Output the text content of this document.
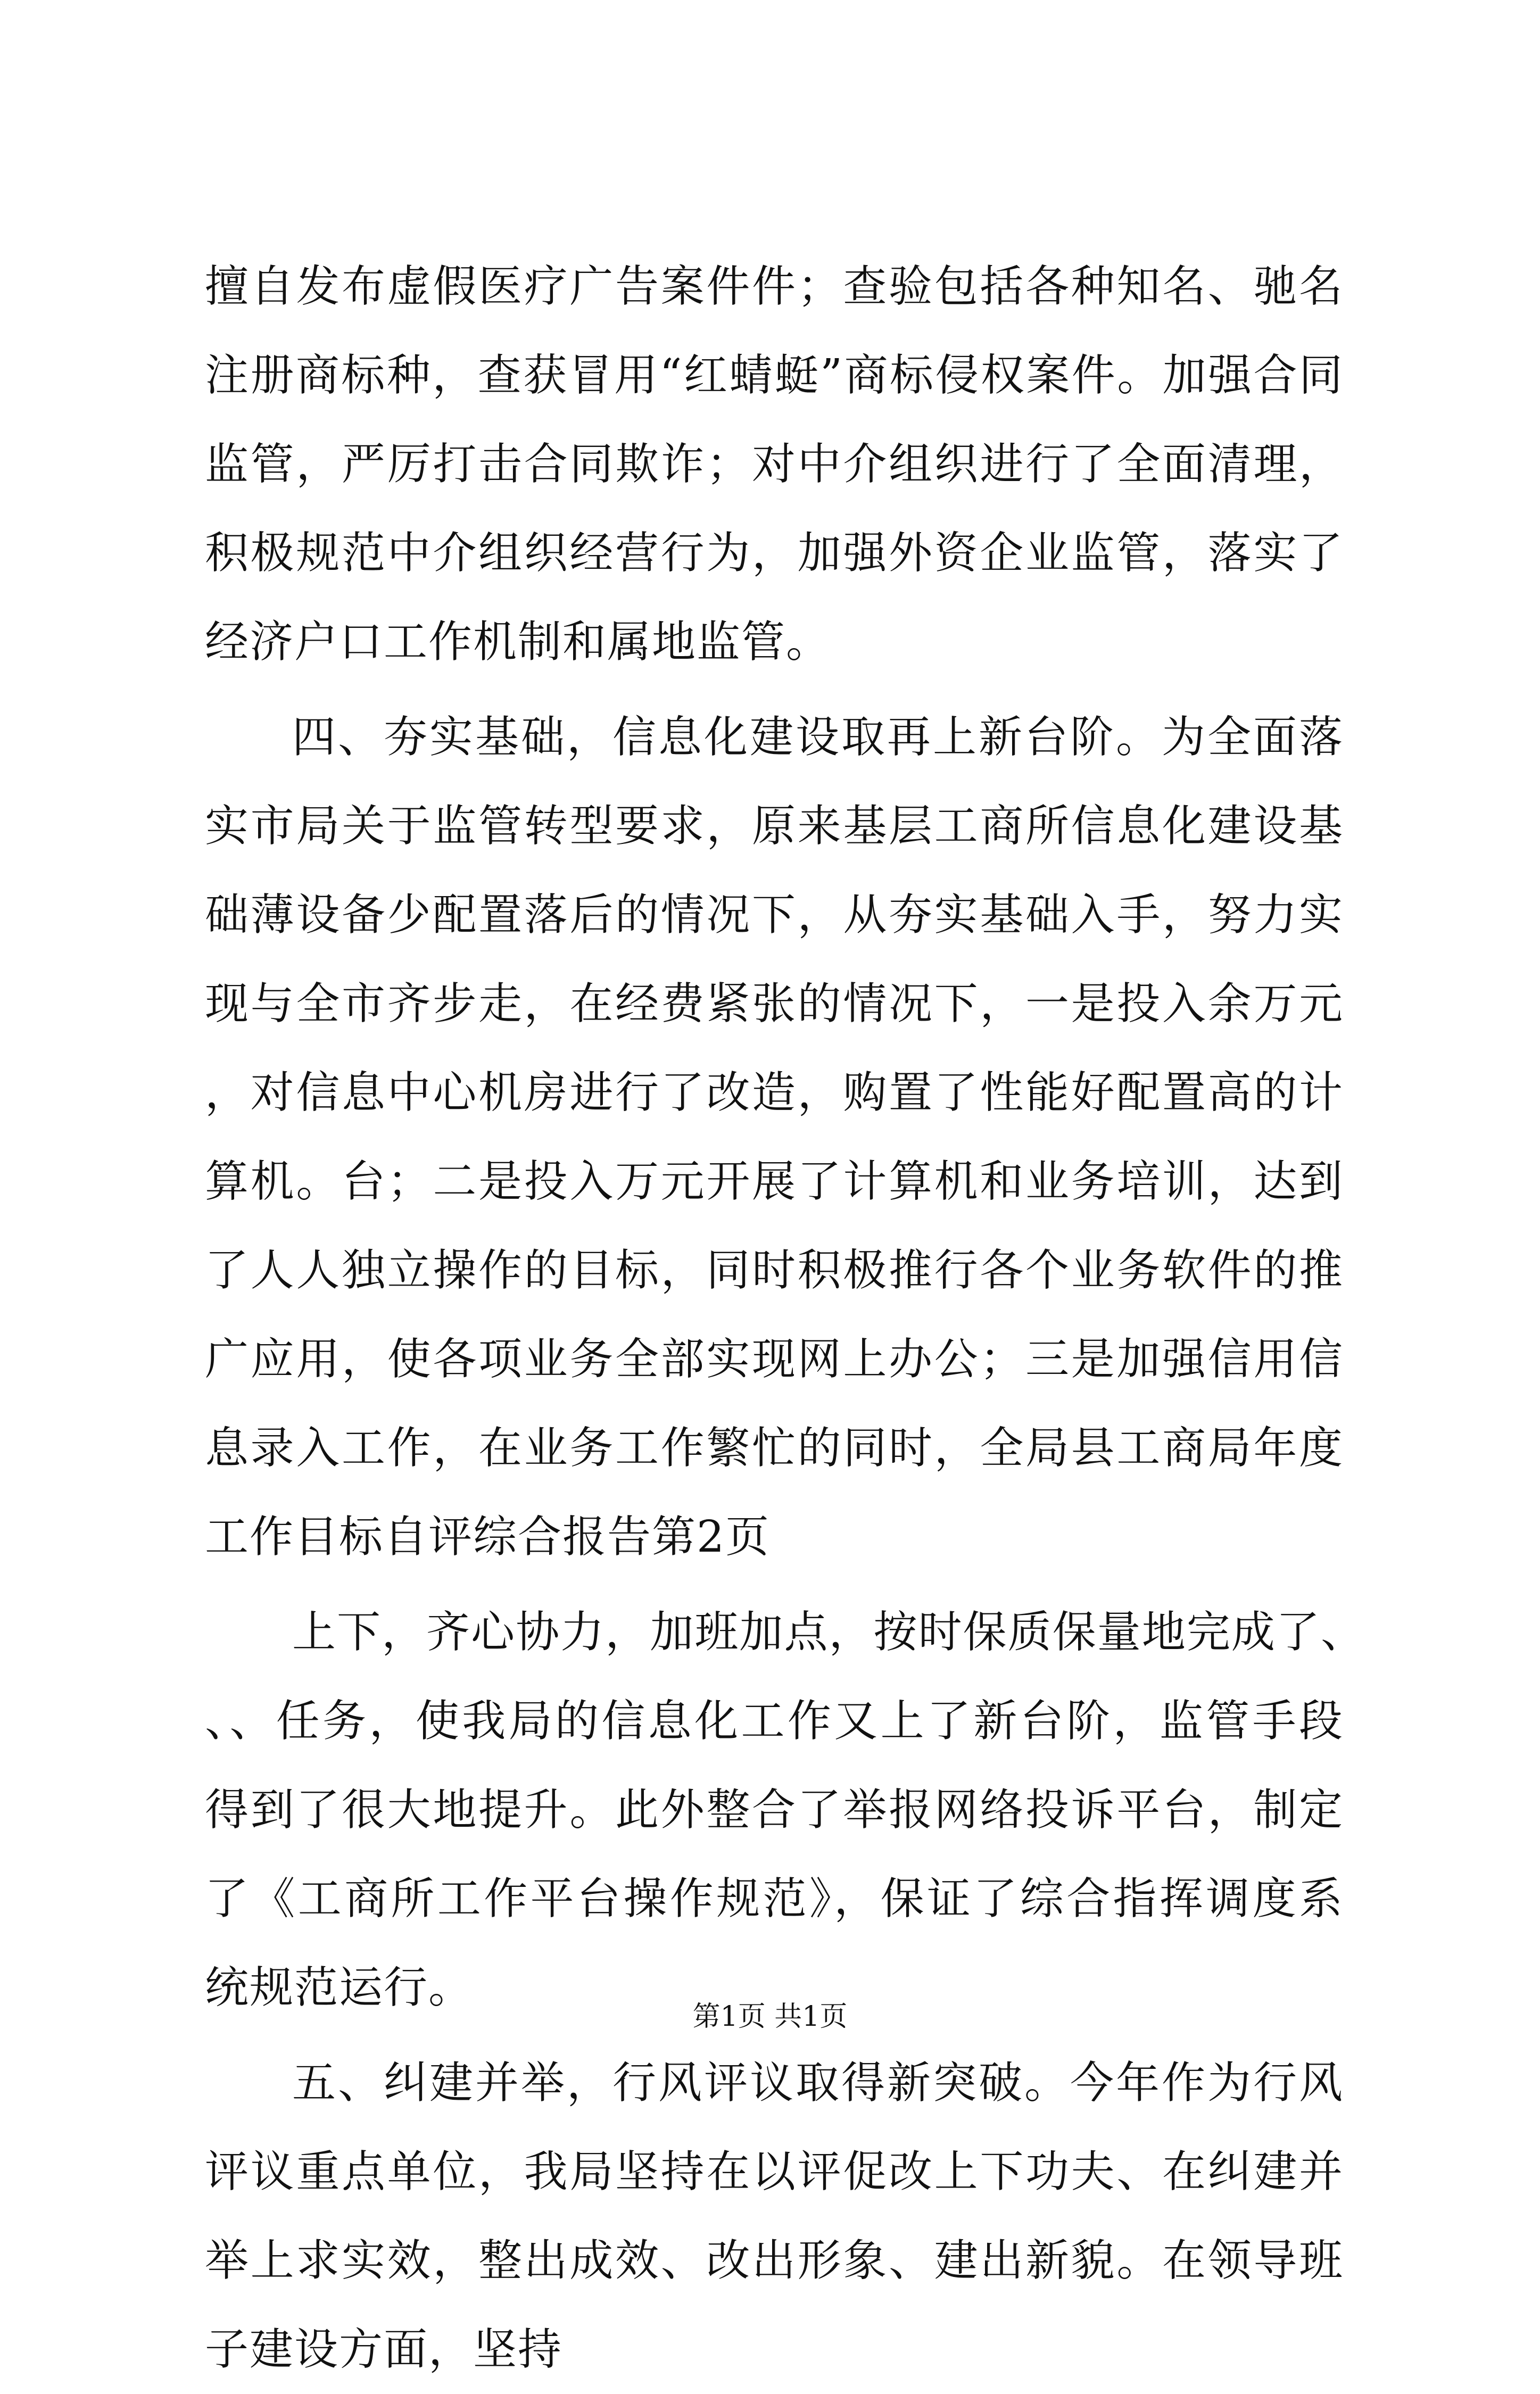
擅自发布虚假医疗广告案件件；查验包括各种知名、驰名注册商标种，查获冒用“红蜻蜓”商标侵权案件。加强合同监管，严厉打击合同欺诈；对中介组织进行了全面清理，积极规范中介组织经营行为，加强外资企业监管，落实了经济户口工作机制和属地监管。

四、夯实基础，信息化建设取再上新台阶。为全面落实市局关于监管转型要求，原来基层工商所信息化建设基础薄设备少配置落后的情况下，从夯实基础入手，努力实现与全市齐步走，在经费紧张的情况下，一是投入余万元，对信息中心机房进行了改造，购置了性能好配置高的计算机。台；二是投入万元开展了计算机和业务培训，达到了人人独立操作的目标，同时积极推行各个业务软件的推广应用，使各项业务全部实现网上办公；三是加强信用信息录入工作，在业务工作繁忙的同时，全局县工商局年度工作目标自评综合报告第2页

上下，齐心协力，加班加点，按时保质保量地完成了、、、任务，使我局的信息化工作又上了新台阶，监管手段得到了很大地提升。此外整合了举报网络投诉平台，制定了《工商所工作平台操作规范》，保证了综合指挥调度系统规范运行。

五、纠建并举，行风评议取得新突破。今年作为行风评议重点单位，我局坚持在以评促改上下功夫、在纠建并举上求实效，整出成效、改出形象、建出新貌。在领导班子建设方面，坚持

第1页 共1页
